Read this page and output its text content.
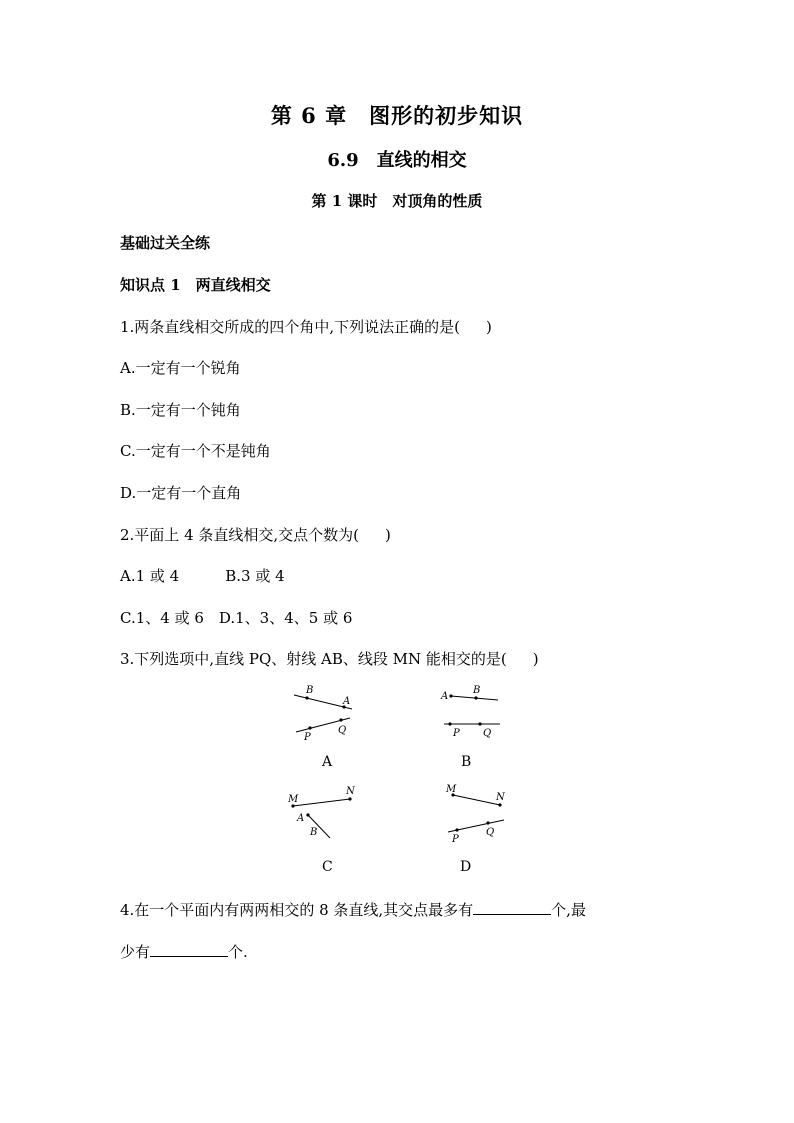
第 6 章　图形的初步知识
6.9　直线的相交
第 1 课时　对顶角的性质
基础过关全练
知识点 1　两直线相交
1.两条直线相交所成的四个角中,下列说法正确的是( )
A.一定有一个锐角
B.一定有一个钝角
C.一定有一个不是钝角
D.一定有一个直角
2.平面上 4 条直线相交,交点个数为( )
A.1 或 4	B.3 或 4
C.1、4 或 6　D.1、3、4、5 或 6
3.下列选项中,直线 PQ、射线 AB、线段 MN 能相交的是( )
B
A
P
Q
A
A
B
P Q
B
M
N
A
B
C
M
N
P
Q
D
4.在一个平面内有两两相交的 8 条直线,其交点最多有	个,最
少有	个.
